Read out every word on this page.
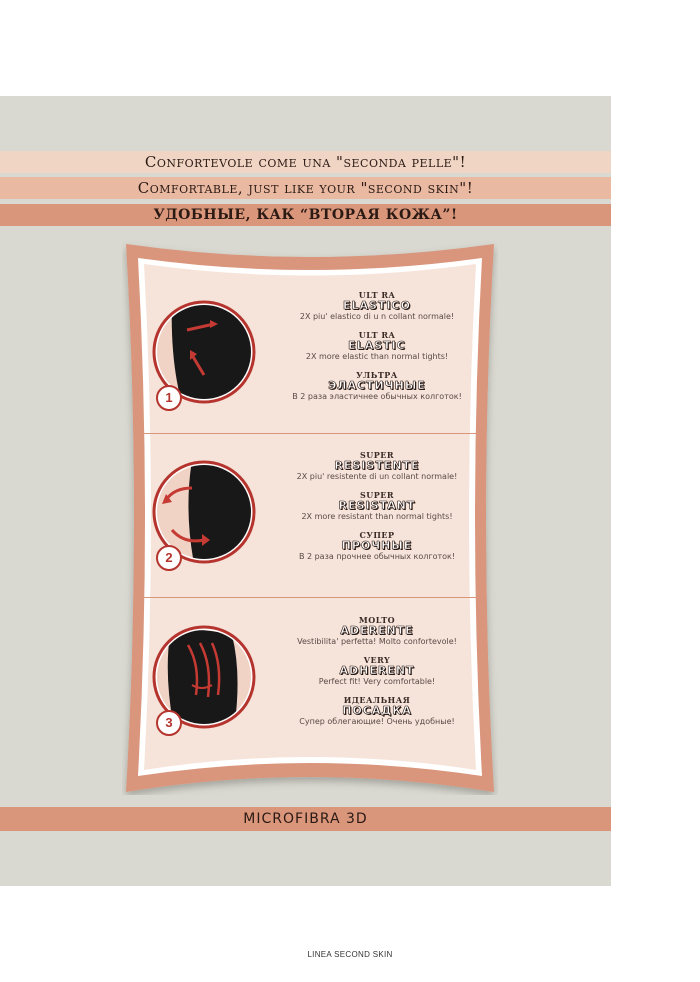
Confortevole come una "seconda pelle"!
Comfortable, just like your "second skin"!
УДОБНЫЕ, КАК “ВТОРАЯ КОЖА”!
1
ULT RA
ELASTICO
2X piu' elastico di u n collant normale!
ULT RA
ELASTIC
2X more elastic than normal tights!
УЛЬТРА
ЭЛАСТИЧНЫЕ
В 2 раза эластичнее обычных колготок!
2
SUPER
RESISTENTE
2X piu' resistente di un collant normale!
SUPER
RESISTANT
2X more resistant than normal tights!
СУПЕР
ПРОЧНЫЕ
В 2 раза прочнее обычных колготок!
3
MOLTO
ADERENTE
Vestibilita' perfetta! Molto confortevole!
VERY
ADHERENT
Perfect fit! Very comfortable!
ИДЕАЛЬНАЯ
ПОСАДКА
Супер облегающие! Очень удобные!
MICROFIBRA 3D
LINEA SECOND SKIN
